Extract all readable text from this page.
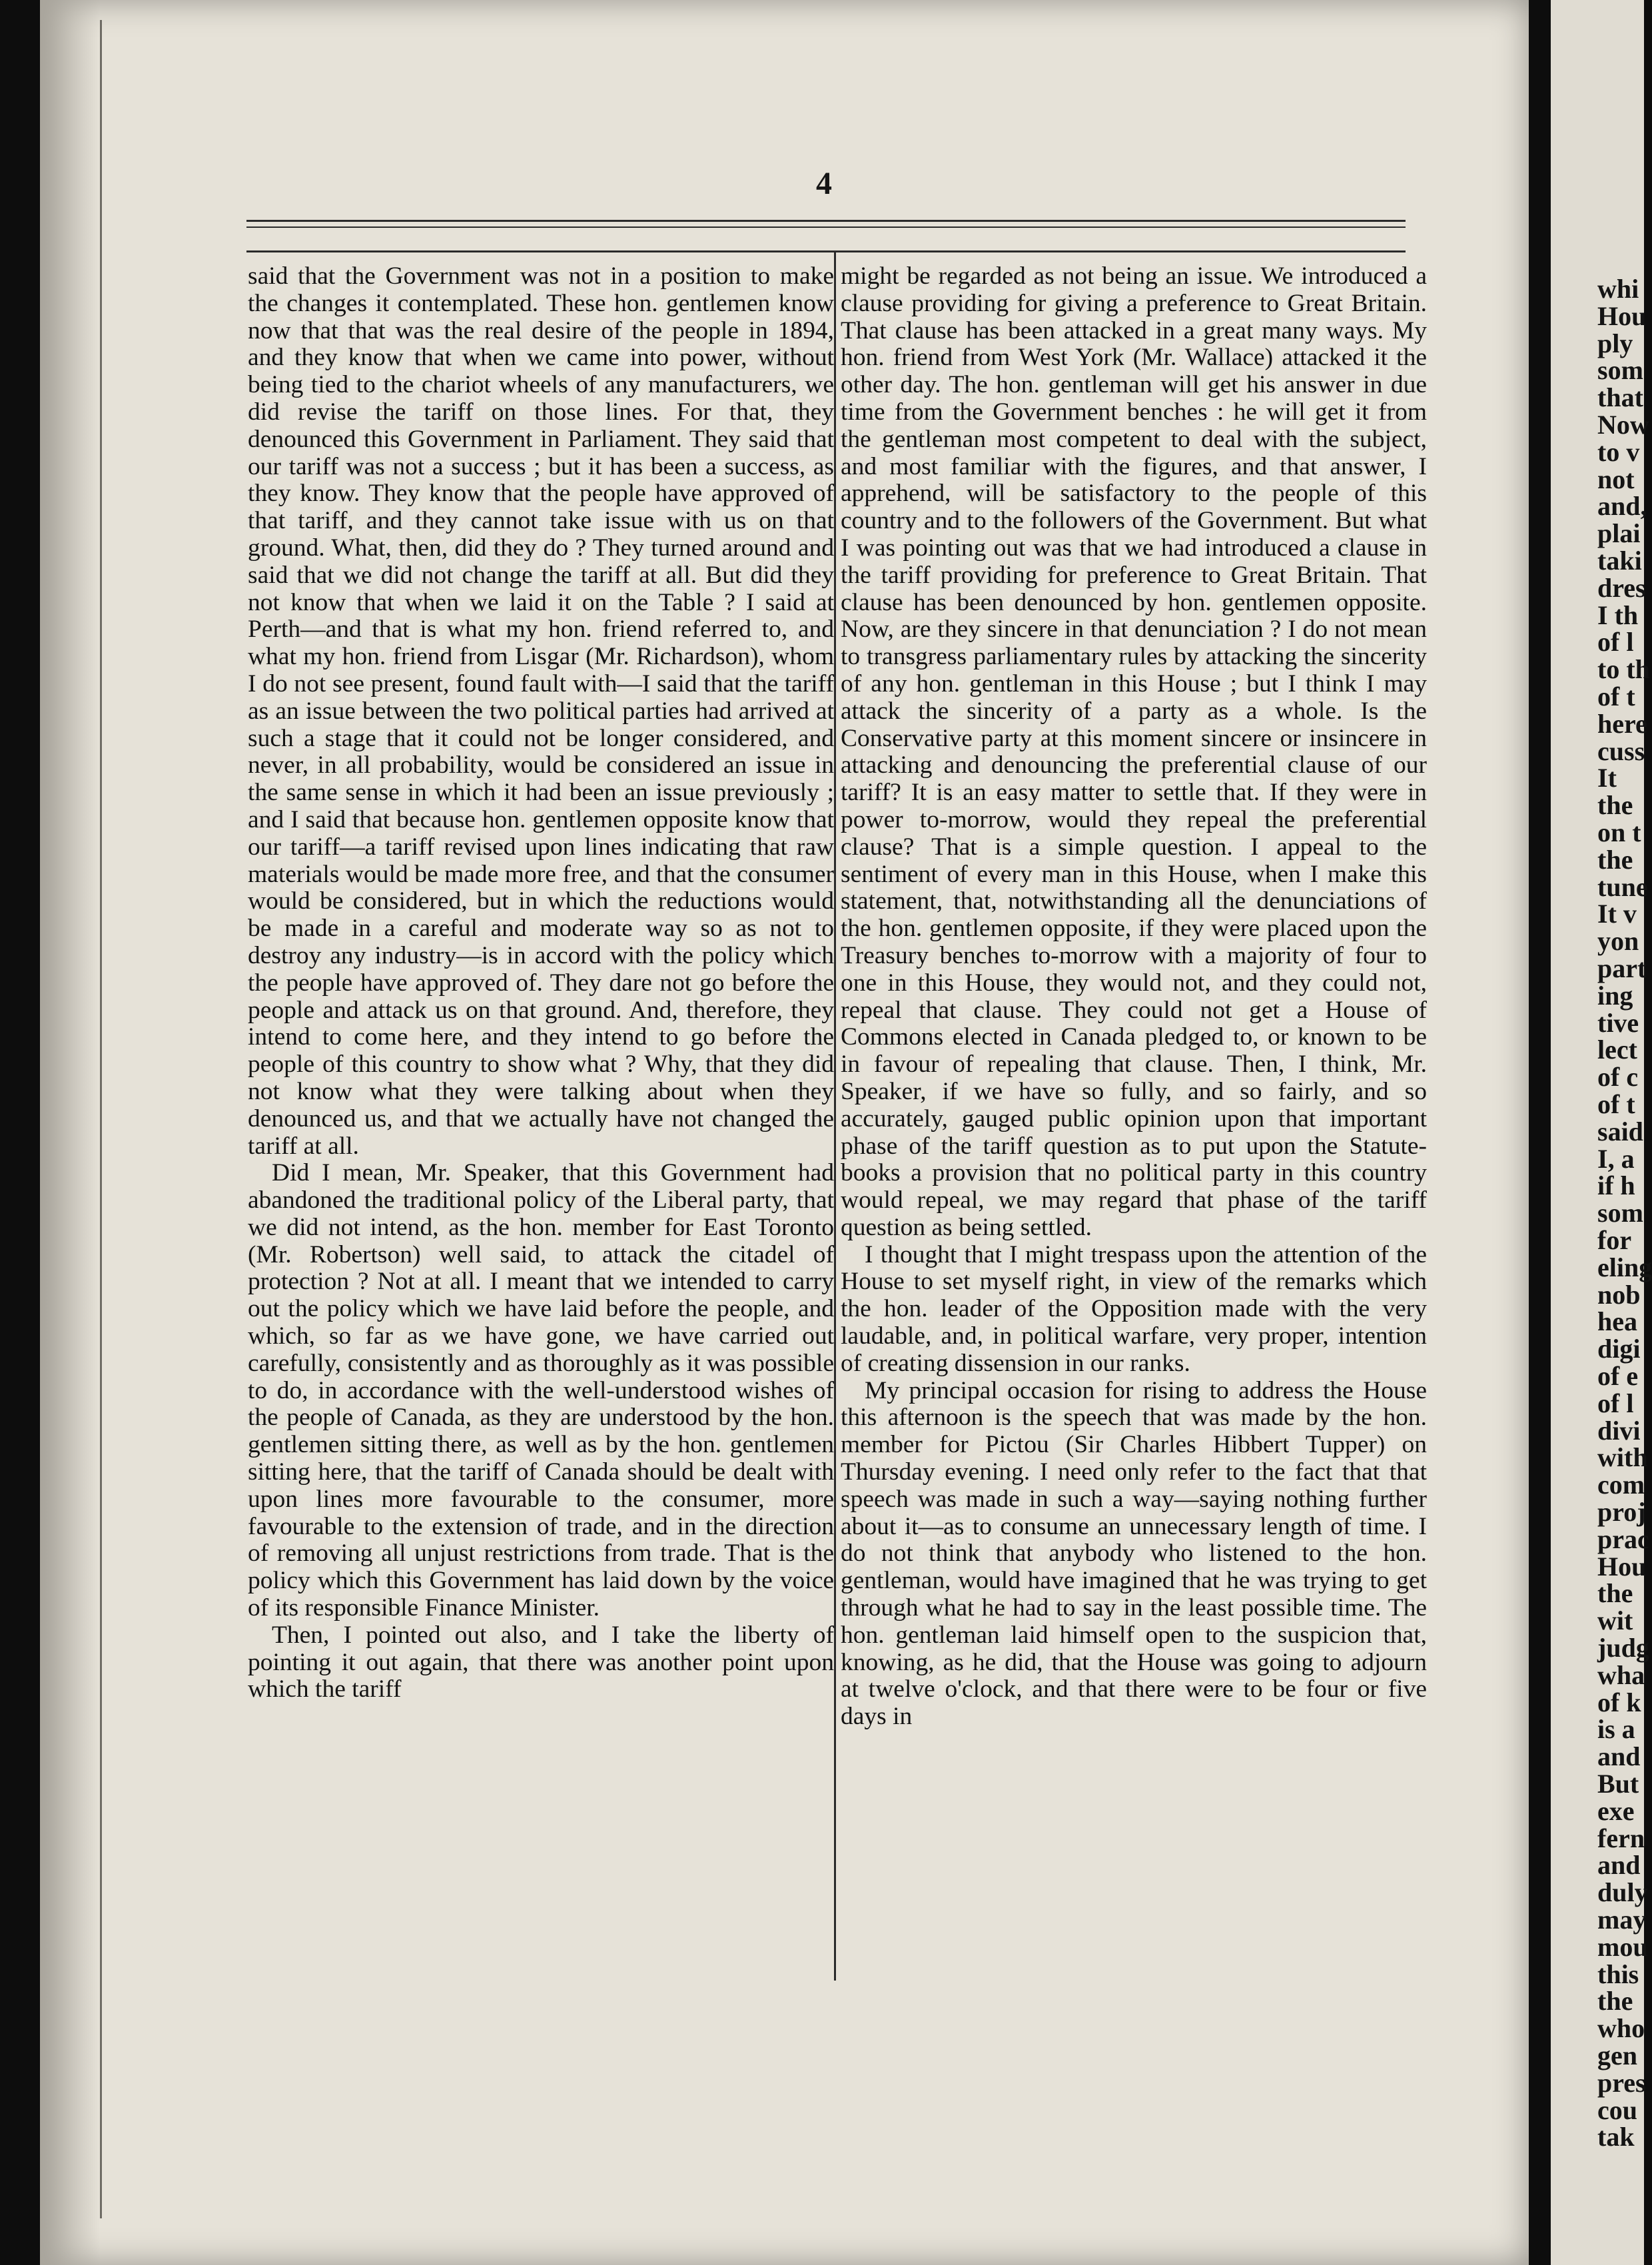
4

said that the Government was not in a position to make the changes it contemplated. These hon. gentlemen know now that that was the real desire of the people in 1894, and they know that when we came into power, without being tied to the chariot wheels of any manufacturers, we did revise the tariff on those lines. For that, they denounced this Government in Parliament. They said that our tariff was not a success ; but it has been a success, as they know. They know that the people have approved of that tariff, and they cannot take issue with us on that ground. What, then, did they do ? They turned around and said that we did not change the tariff at all. But did they not know that when we laid it on the Table ? I said at Perth—and that is what my hon. friend referred to, and what my hon. friend from Lisgar (Mr. Richardson), whom I do not see present, found fault with—I said that the tariff as an issue between the two political parties had arrived at such a stage that it could not be longer considered, and never, in all probability, would be considered an issue in the same sense in which it had been an issue previously ; and I said that because hon. gentlemen opposite know that our tariff—a tariff revised upon lines indicating that raw materials would be made more free, and that the consumer would be considered, but in which the reductions would be made in a careful and moderate way so as not to destroy any industry—is in accord with the policy which the people have approved of. They dare not go before the people and attack us on that ground. And, therefore, they intend to come here, and they intend to go before the people of this country to show what ? Why, that they did not know what they were talking about when they denounced us, and that we actually have not changed the tariff at all.

Did I mean, Mr. Speaker, that this Government had abandoned the traditional policy of the Liberal party, that we did not intend, as the hon. member for East Toronto (Mr. Robertson) well said, to attack the citadel of protection ? Not at all. I meant that we intended to carry out the policy which we have laid before the people, and which, so far as we have gone, we have carried out carefully, consistently and as thoroughly as it was possible to do, in accordance with the well-understood wishes of the people of Canada, as they are understood by the hon. gentlemen sitting there, as well as by the hon. gentlemen sitting here, that the tariff of Canada should be dealt with upon lines more favourable to the consumer, more favourable to the extension of trade, and in the direction of removing all unjust restrictions from trade. That is the policy which this Government has laid down by the voice of its responsible Finance Minister.

Then, I pointed out also, and I take the liberty of pointing it out again, that there was another point upon which the tariff

might be regarded as not being an issue. We introduced a clause providing for giving a preference to Great Britain. That clause has been attacked in a great many ways. My hon. friend from West York (Mr. Wallace) attacked it the other day. The hon. gentleman will get his answer in due time from the Government benches : he will get it from the gentleman most competent to deal with the subject, and most familiar with the figures, and that answer, I apprehend, will be satisfactory to the people of this country and to the followers of the Government. But what I was pointing out was that we had introduced a clause in the tariff providing for preference to Great Britain. That clause has been denounced by hon. gentlemen opposite. Now, are they sincere in that denunciation ? I do not mean to transgress parliamentary rules by attacking the sincerity of any hon. gentleman in this House ; but I think I may attack the sincerity of a party as a whole. Is the Conservative party at this moment sincere or insincere in attacking and denouncing the preferential clause of our tariff? It is an easy matter to settle that. If they were in power to-morrow, would they repeal the preferential clause? That is a simple question. I appeal to the sentiment of every man in this House, when I make this statement, that, notwithstanding all the denunciations of the hon. gentlemen opposite, if they were placed upon the Treasury benches to-morrow with a majority of four to one in this House, they would not, and they could not, repeal that clause. They could not get a House of Commons elected in Canada pledged to, or known to be in favour of repealing that clause. Then, I think, Mr. Speaker, if we have so fully, and so fairly, and so accurately, gauged public opinion upon that important phase of the tariff question as to put upon the Statute-books a provision that no political party in this country would repeal, we may regard that phase of the tariff question as being settled.

I thought that I might trespass upon the attention of the House to set myself right, in view of the remarks which the hon. leader of the Opposition made with the very laudable, and, in political warfare, very proper, intention of creating dissension in our ranks.

My principal occasion for rising to address the House this afternoon is the speech that was made by the hon. member for Pictou (Sir Charles Hibbert Tupper) on Thursday evening. I need only refer to the fact that that speech was made in such a way—saying nothing further about it—as to consume an unnecessary length of time. I do not think that anybody who listened to the hon. gentleman, would have imagined that he was trying to get through what he had to say in the least possible time. The hon. gentleman laid himself open to the suspicion that, knowing, as he did, that the House was going to adjourn at twelve o'clock, and that there were to be four or five days in

whi
Hou
ply
som
that
Now
to v
not
and,
plai
taki
dres
I th
of l
to th
of t
here
cuss
It
the
on t
the
tune
It v
yon
part
ing
tive
lect
of c
of t
said
I, a
if h
som
for
eling
nob
hea
digi
of e
of l
divi
with
com
proj
prac
Hou
the
wit
judg
wha
of k
is a
and
But
exe
fern
and
duly
may
mou
this
the
who
gen
pres
cou
tak
